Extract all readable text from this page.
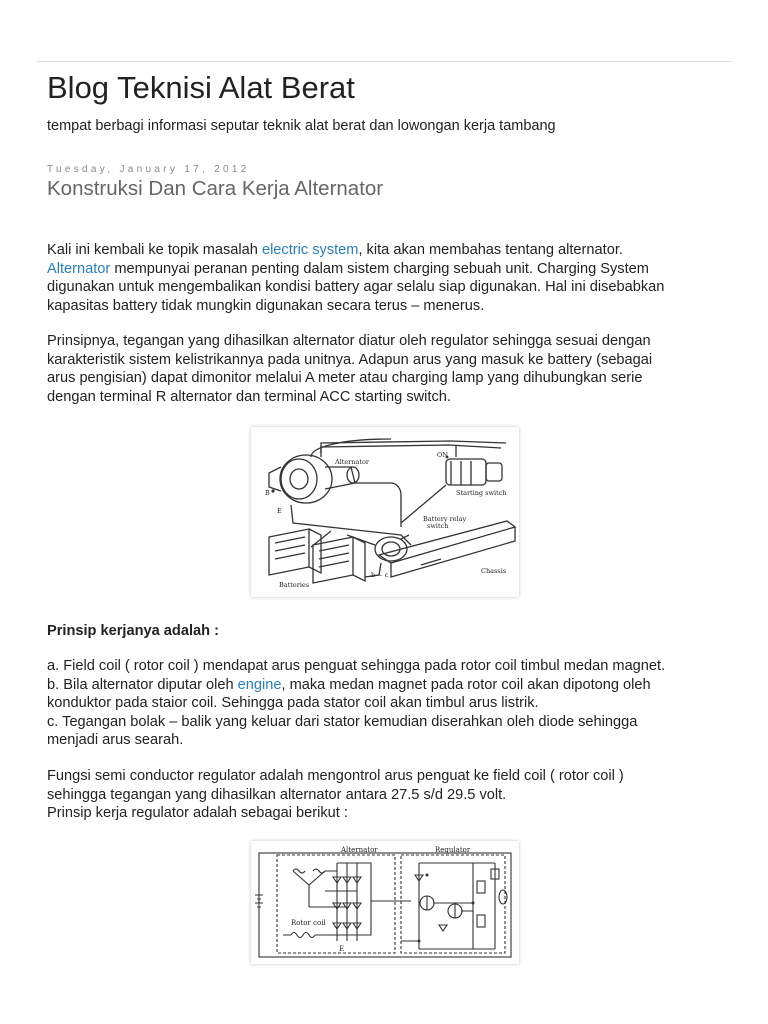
Blog Teknisi Alat Berat
tempat berbagi informasi seputar teknik alat berat dan lowongan kerja tambang
Tuesday, January 17, 2012
Konstruksi Dan Cara Kerja Alternator
Kali ini kembali ke topik masalah electric system, kita akan membahas tentang alternator.
Alternator mempunyai peranan penting dalam sistem charging sebuah unit. Charging System
digunakan untuk mengembalikan kondisi battery agar selalu siap digunakan. Hal ini disebabkan
kapasitas battery tidak mungkin digunakan secara terus – menerus.
Prinsipnya, tegangan yang dihasilkan alternator diatur oleh regulator sehingga sesuai dengan
karakteristik sistem kelistrikannya pada unitnya. Adapun arus yang masuk ke battery (sebagai
arus pengisian) dapat dimonitor melalui A meter atau charging lamp yang dihubungkan serie
dengan terminal R alternator dan terminal ACC starting switch.
Alternator
ON
Starting switch
Battery relay
switch
Batteries
Chassis
B
E
b ~ c
Prinsip kerjanya adalah :
a. Field coil ( rotor coil ) mendapat arus penguat sehingga pada rotor coil timbul medan magnet.
b. Bila alternator diputar oleh engine, maka medan magnet pada rotor coil akan dipotong oleh
konduktor pada staior coil. Sehingga pada stator coil akan timbul arus listrik.
c. Tegangan bolak – balik yang keluar dari stator kemudian diserahkan oleh diode sehingga
menjadi arus searah.
Fungsi semi conductor regulator adalah mengontrol arus penguat ke field coil ( rotor coil )
sehingga tegangan yang dihasilkan alternator antara 27.5 s/d 29.5 volt.
Prinsip kerja regulator adalah sebagai berikut :
Alternator	Regulator
Rotor coil
E
